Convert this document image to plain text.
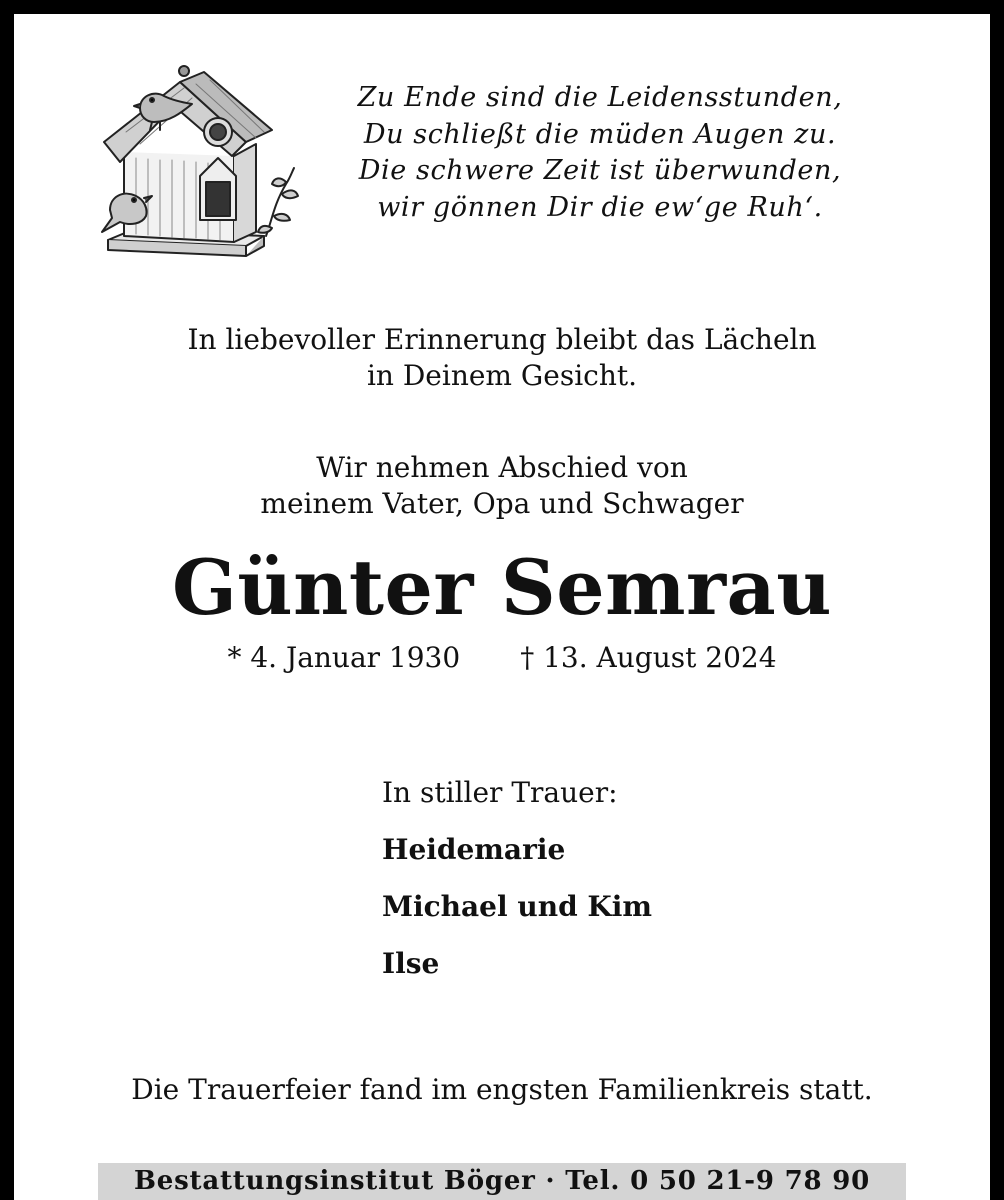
Zu Ende sind die Leidensstunden,
Du schließt die müden Augen zu.
Die schwere Zeit ist überwunden,
wir gönnen Dir die ew‘ge Ruh‘.
In liebevoller Erinnerung bleibt das Lächeln
in Deinem Gesicht.
Wir nehmen Abschied von
meinem Vater, Opa und Schwager
Günter Semrau
* 4. Januar 1930 † 13. August 2024
In stiller Trauer:
Heidemarie
Michael und Kim
Ilse
Die Trauerfeier fand im engsten Familienkreis statt.
Bestattungsinstitut Böger · Tel. 0 50 21-9 78 90
